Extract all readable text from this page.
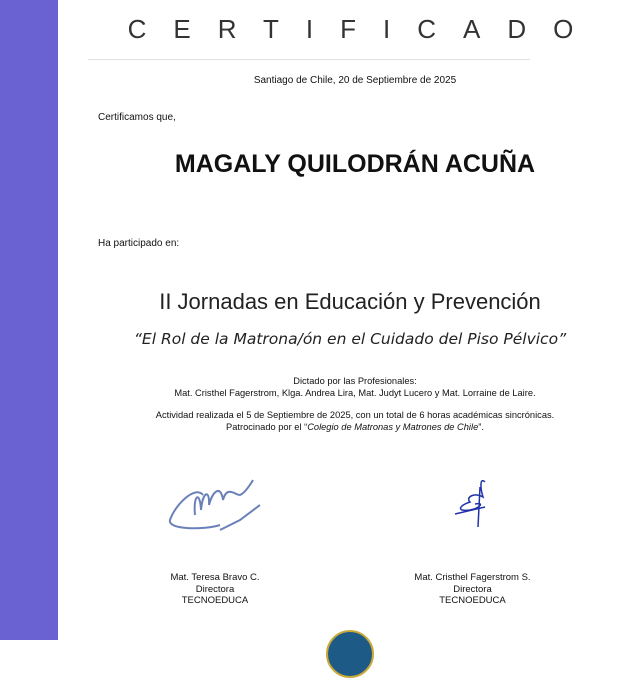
CERTIFICADO
Santiago de Chile, 20 de Septiembre de 2025
Certificamos que,
MAGALY QUILODRÁN ACUÑA
Ha participado en:
II Jornadas en Educación y Prevención
“El Rol de la Matrona/ón en el Cuidado del Piso Pélvico”
Dictado por las Profesionales:
Mat. Cristhel Fagerstrom, Klga. Andrea Lira, Mat. Judyt Lucero y Mat. Lorraine de Laire.
Actividad realizada el 5 de Septiembre de 2025, con un total de 6 horas académicas sincrónicas.
Patrocinado por el “Colegio de Matronas y Matrones de Chile”.
Mat. Teresa Bravo C.
Directora
TECNOEDUCA
Mat. Cristhel Fagerstrom S.
Directora
TECNOEDUCA
